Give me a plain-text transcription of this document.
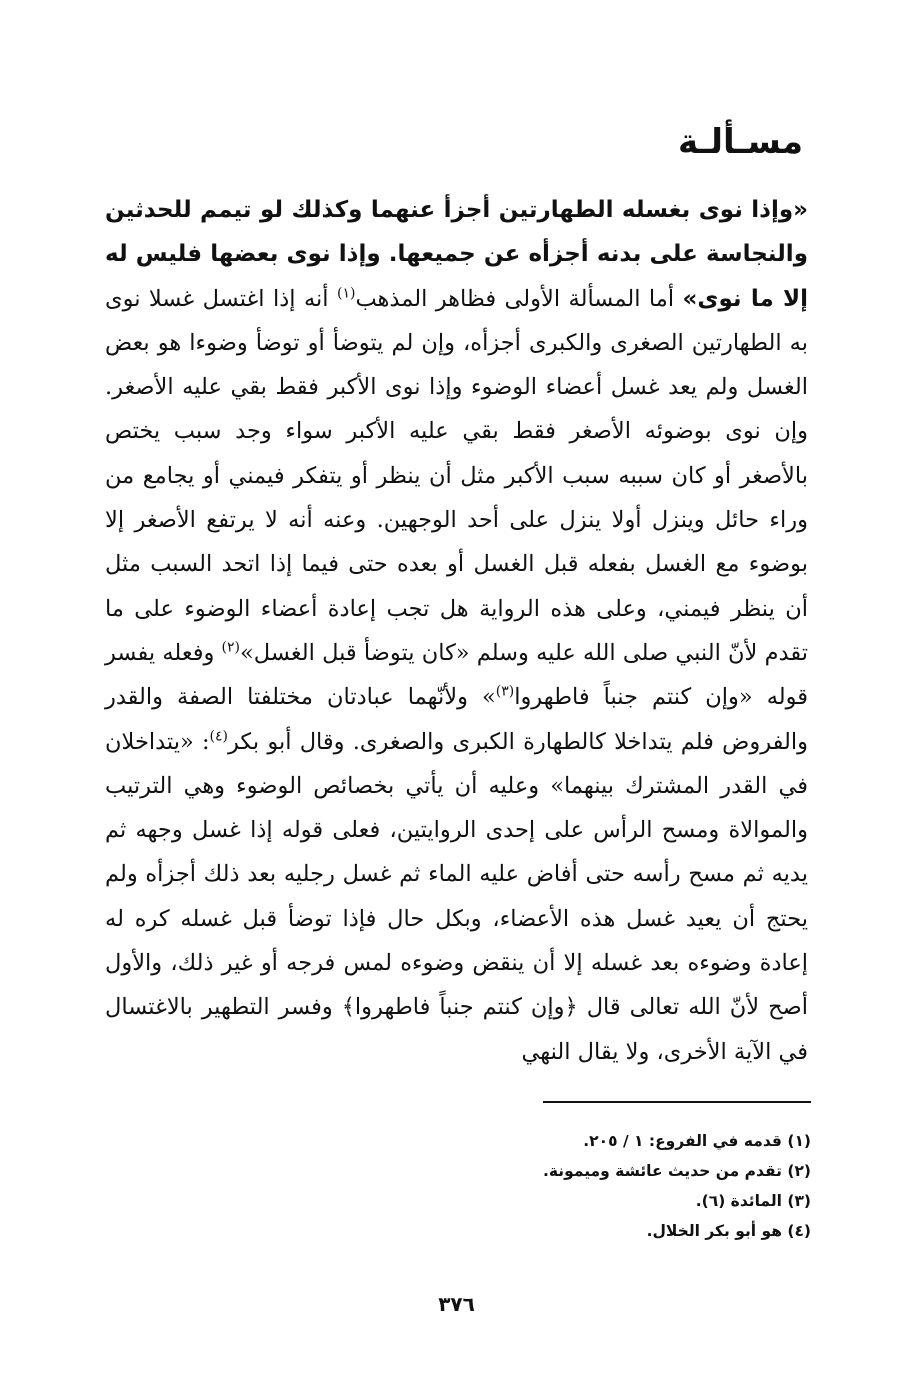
مسـألـة
«وإذا نوى بغسله الطهارتين أجزأ عنهما وكذلك لو تيمم للحدثين والنجاسة على بدنه أجزأه عن جميعها. وإذا نوى بعضها فليس له إلا ما نوى» أما المسألة الأولى فظاهر المذهب$^{(١)}$ أنه إذا اغتسل غسلا نوى به الطهارتين الصغرى والكبرى أجزأه، وإن لم يتوضأ أو توضأ وضوءا هو بعض الغسل ولم يعد غسل أعضاء الوضوء وإذا نوى الأكبر فقط بقي عليه الأصغر. وإن نوى بوضوئه الأصغر فقط بقي عليه الأكبر سواء وجد سبب يختص بالأصغر أو كان سببه سبب الأكبر مثل أن ينظر أو يتفكر فيمني أو يجامع من وراء حائل وينزل أولا ينزل على أحد الوجهين. وعنه أنه لا يرتفع الأصغر إلا بوضوء مع الغسل بفعله قبل الغسل أو بعده حتى فيما إذا اتحد السبب مثل أن ينظر فيمني، وعلى هذه الرواية هل تجب إعادة أعضاء الوضوء على ما تقدم لأنّ النبي صلى الله عليه وسلم «كان يتوضأ قبل الغسل»$^{(٢)}$ وفعله يفسر قوله «وإن كنتم جنباً فاطهروا$^{(٣)}$» ولأنّهما عبادتان مختلفتا الصفة والقدر والفروض فلم يتداخلا كالطهارة الكبرى والصغرى. وقال أبو بكر$^{(٤)}$: «يتداخلان في القدر المشترك بينهما» وعليه أن يأتي بخصائص الوضوء وهي الترتيب والموالاة ومسح الرأس على إحدى الروايتين، فعلى قوله إذا غسل وجهه ثم يديه ثم مسح رأسه حتى أفاض عليه الماء ثم غسل رجليه بعد ذلك أجزأه ولم يحتج أن يعيد غسل هذه الأعضاء، وبكل حال فإذا توضأ قبل غسله كره له إعادة وضوءه بعد غسله إلا أن ينقض وضوءه لمس فرجه أو غير ذلك، والأول أصح لأنّ الله تعالى قال ﴿وإن كنتم جنباً فاطهروا﴾ وفسر التطهير بالاغتسال في الآية الأخرى، ولا يقال النهي
(١) قدمه في الفروع: ١ / ٢٠٥.
(٢) تقدم من حديث عائشة وميمونة.
(٣) المائدة (٦).
(٤) هو أبو بكر الخلال.
٣٧٦
